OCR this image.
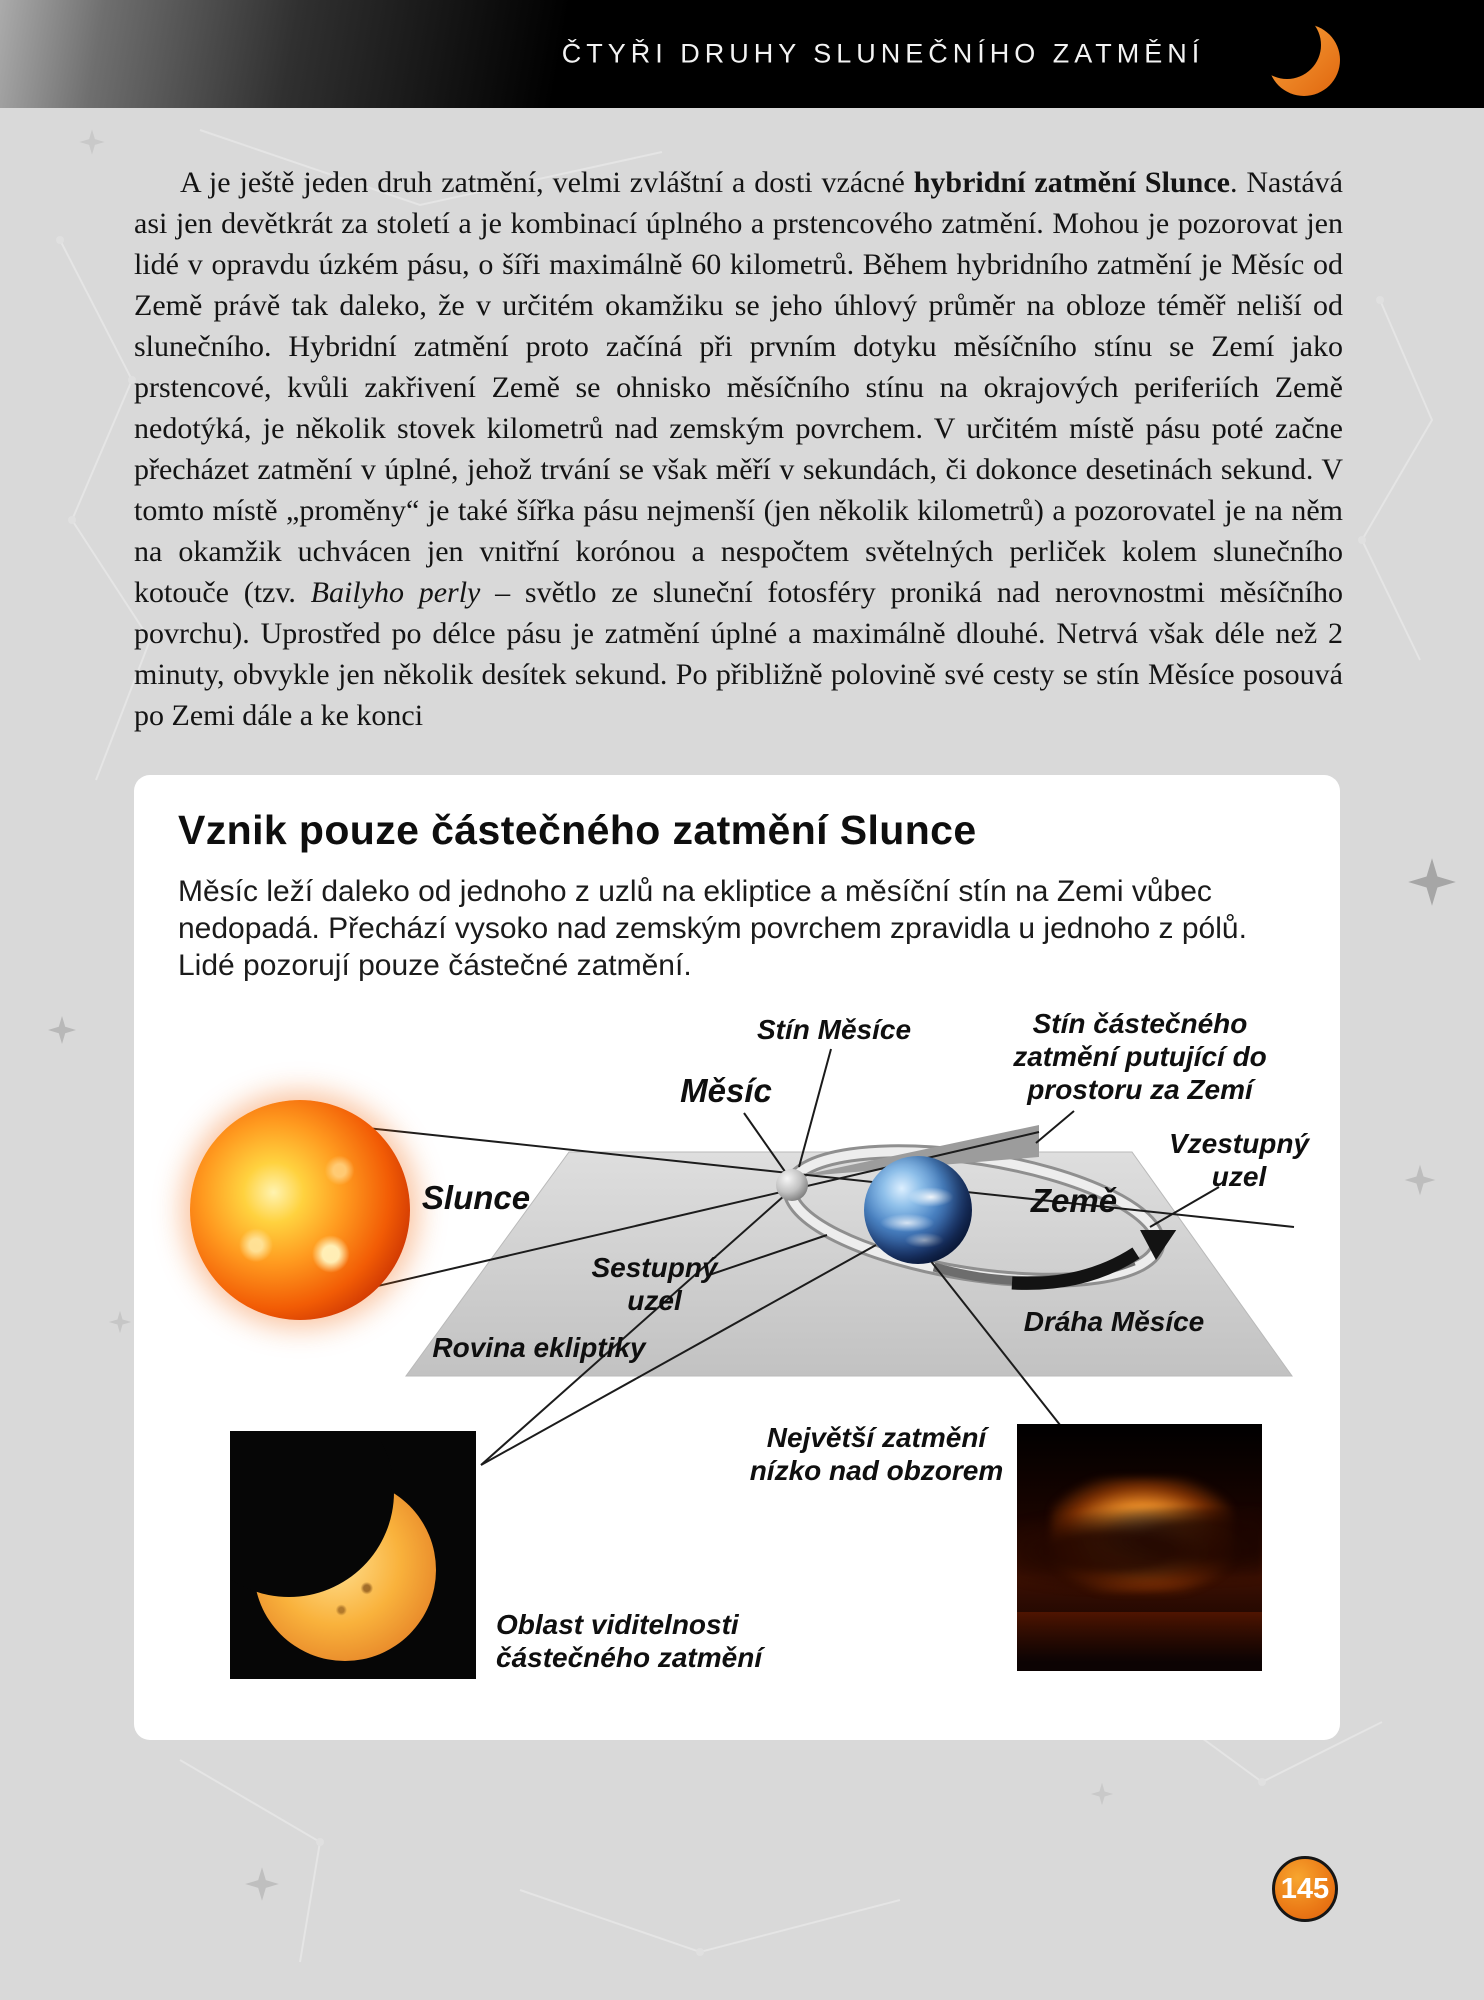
ČTYŘI DRUHY SLUNEČNÍHO ZATMĚNÍ

A je ještě jeden druh zatmění, velmi zvláštní a dosti vzácné hybridní zatmění Slunce. Nastává asi jen devětkrát za století a je kombinací úplného a prstencového zatmění. Mohou je pozorovat jen lidé v opravdu úzkém pásu, o šíři maximálně 60 kilometrů. Během hybridního zatmění je Měsíc od Země právě tak daleko, že v určitém okamžiku se jeho úhlový průměr na obloze téměř neliší od slunečního. Hybridní zatmění proto začíná při prvním dotyku měsíčního stínu se Zemí jako prstencové, kvůli zakřivení Země se ohnisko měsíčního stínu na okrajových periferiích Země nedotýká, je několik stovek kilometrů nad zemským povrchem. V určitém místě pásu poté začne přecházet zatmění v úplné, jehož trvání se však měří v sekundách, či dokonce desetinách sekund. V tomto místě „proměny“ je také šířka pásu nejmenší (jen několik kilometrů) a pozorovatel je na něm na okamžik uchvácen jen vnitřní korónou a nespočtem světelných perliček kolem slunečního kotouče (tzv. Bailyho perly – světlo ze sluneční fotosféry proniká nad nerovnostmi měsíčního povrchu). Uprostřed po délce pásu je zatmění úplné a maximálně dlouhé. Netrvá však déle než 2 minuty, obvykle jen několik desítek sekund. Po přibližně polovině své cesty se stín Měsíce posouvá po Zemi dále a ke konci

Vznik pouze částečného zatmění Slunce

Měsíc leží daleko od jednoho z uzlů na ekliptice a měsíční stín na Zemi vůbec nedopadá. Přechází vysoko nad zemským povrchem zpravidla u jednoho z pólů. Lidé pozorují pouze částečné zatmění.

Stín Měsíce
Měsíc
Stín částečného zatmění putující do prostoru za Zemí
Vzestupný uzel
Slunce	Země
Sestupný uzel
Dráha Měsíce
Rovina ekliptiky
Největší zatmění nízko nad obzorem
Oblast viditelnosti částečného zatmění
145
